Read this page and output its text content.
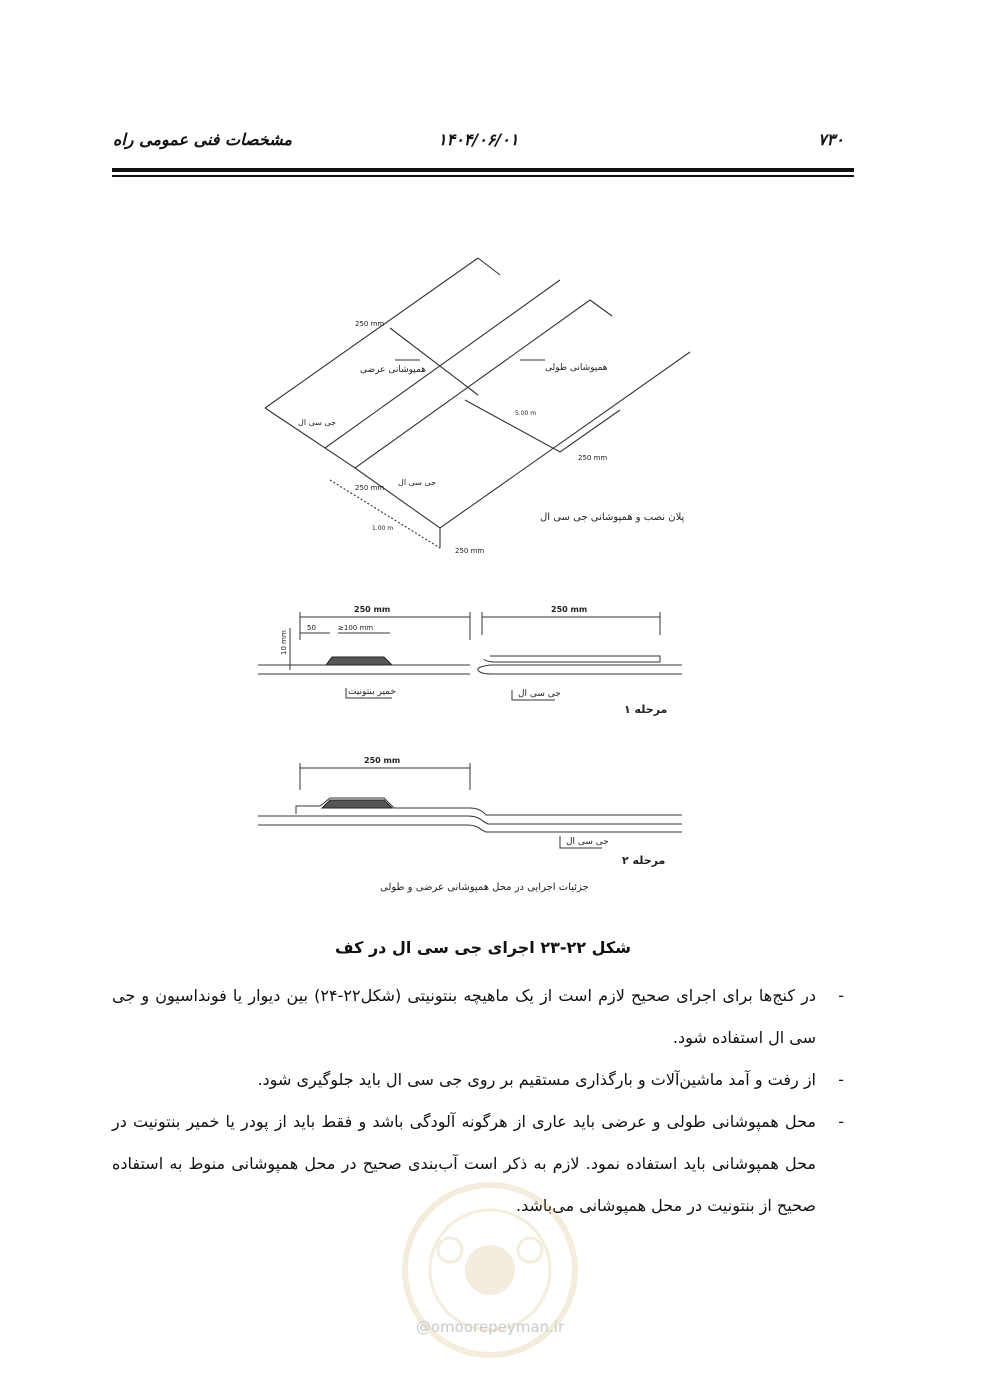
۷۳۰
۱۴۰۴/۰۶/۰۱
مشخصات فنی عمومی راه
250 mm
همپوشانی عرضی	همپوشانی طولی
جی سی ال
جی سی ال
250 mm
250 mm
250 mm
5.00 m
1.00 m
پلان نصب و همپوشانی جی سی ال
250 mm	250 mm
50	≥100 mm
10 mm
خمیر بنتونیت	جی سی ال
مرحله ۱
250 mm
جی سی ال
مرحله ۲
جزئیات اجرایی در محل همپوشانی عرضی و طولی
شکل ۲۲-۲۳ اجرای جی سی ال در کف
-
در کنج‌ها برای اجرای صحیح لازم است از یک ماهیچه بنتونیتی (شکل۲۲-۲۴) بین دیوار یا فونداسیون و جی سی ال استفاده شود.
-
از رفت و آمد ماشین‌آلات و بارگذاری مستقیم بر روی جی سی ال باید جلوگیری شود.
-
محل همپوشانی طولی و عرضی باید عاری از هرگونه آلودگی باشد و فقط باید از پودر یا خمیر بنتونیت در محل همپوشانی باید استفاده نمود. لازم به ذکر است آب‌بندی صحیح در محل همپوشانی منوط به استفاده صحیح از بنتونیت در محل همپوشانی می‌باشد.
@omoorepeyman.ir
